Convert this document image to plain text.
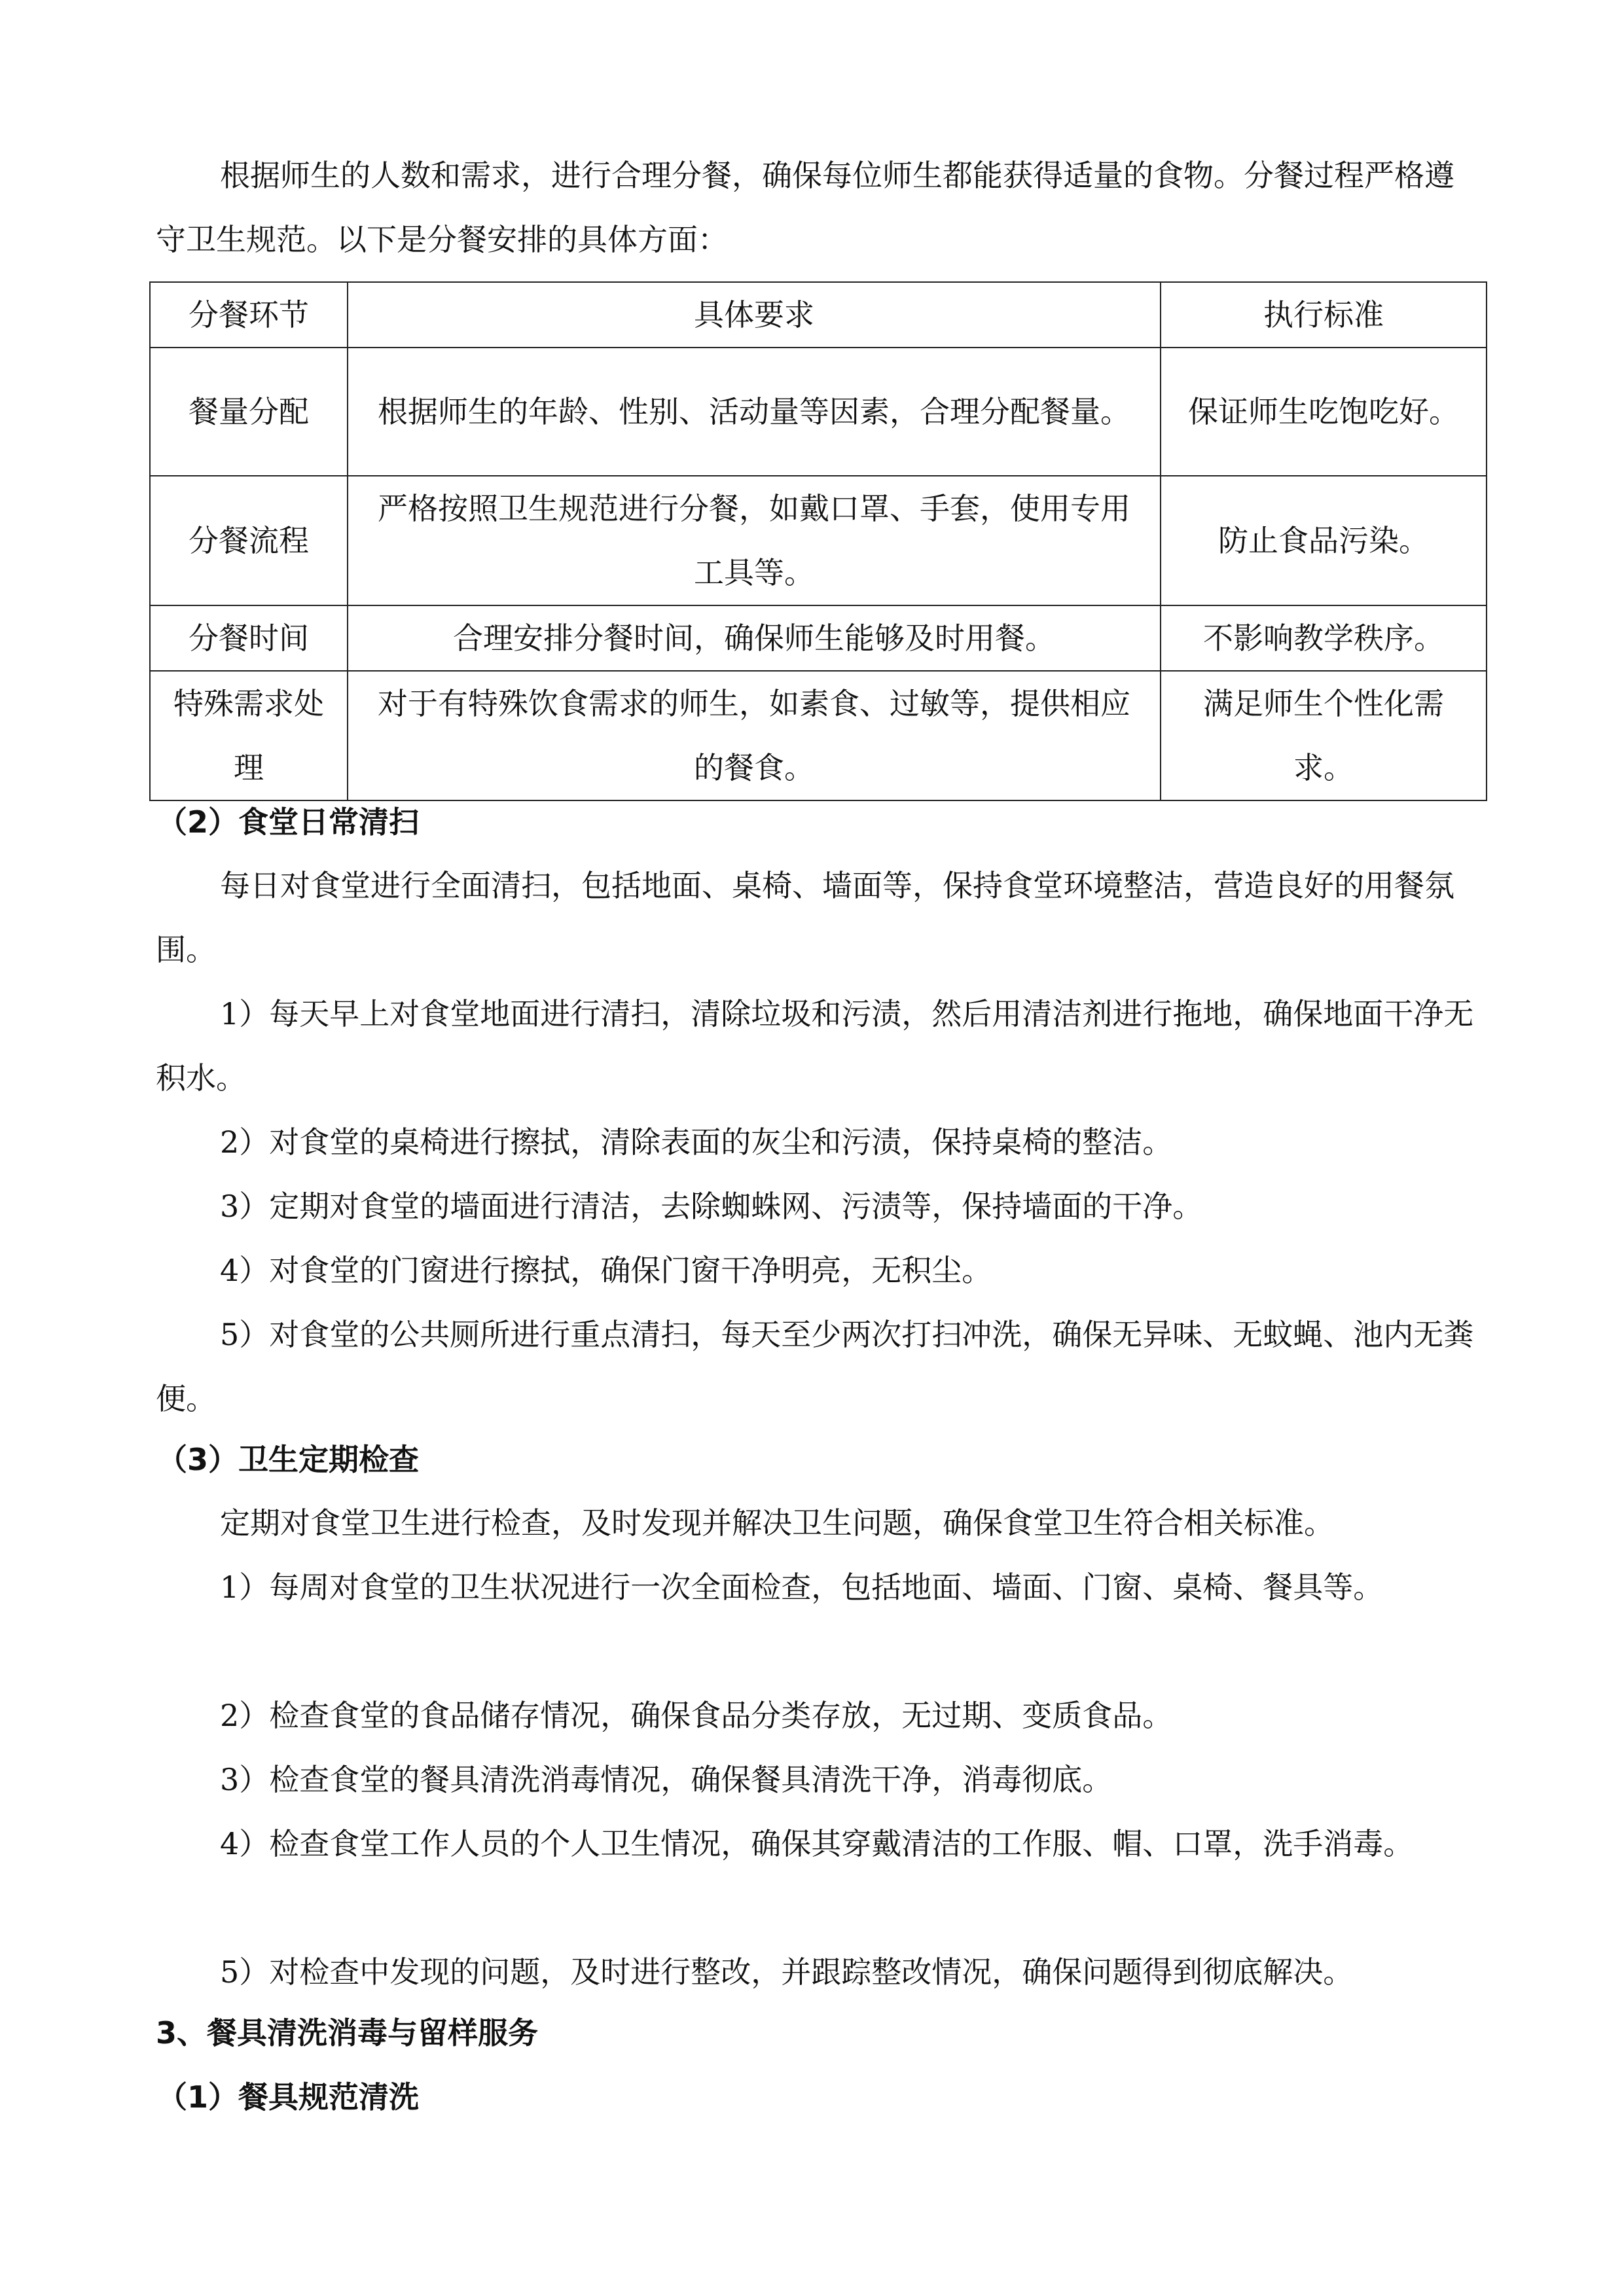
根据师生的人数和需求，进行合理分餐，确保每位师生都能获得适量的食物。分餐过程严格遵守卫生规范。以下是分餐安排的具体方面：

分餐环节	具体要求	执行标准
餐量分配	根据师生的年龄、性别、活动量等因素，合理分配餐量。	保证师生吃饱吃好。
分餐流程	严格按照卫生规范进行分餐，如戴口罩、手套，使用专用工具等。	防止食品污染。
分餐时间	合理安排分餐时间，确保师生能够及时用餐。	不影响教学秩序。
特殊需求处理	对于有特殊饮食需求的师生，如素食、过敏等，提供相应的餐食。	满足师生个性化需求。
（2）食堂日常清扫

每日对食堂进行全面清扫，包括地面、桌椅、墙面等，保持食堂环境整洁，营造良好的用餐氛围。

1）每天早上对食堂地面进行清扫，清除垃圾和污渍，然后用清洁剂进行拖地，确保地面干净无积水。

2）对食堂的桌椅进行擦拭，清除表面的灰尘和污渍，保持桌椅的整洁。

3）定期对食堂的墙面进行清洁，去除蜘蛛网、污渍等，保持墙面的干净。

4）对食堂的门窗进行擦拭，确保门窗干净明亮，无积尘。

5）对食堂的公共厕所进行重点清扫，每天至少两次打扫冲洗，确保无异味、无蚊蝇、池内无粪便。

（3）卫生定期检查

定期对食堂卫生进行检查，及时发现并解决卫生问题，确保食堂卫生符合相关标准。

1）每周对食堂的卫生状况进行一次全面检查，包括地面、墙面、门窗、桌椅、餐具等。

2）检查食堂的食品储存情况，确保食品分类存放，无过期、变质食品。

3）检查食堂的餐具清洗消毒情况，确保餐具清洗干净，消毒彻底。

4）检查食堂工作人员的个人卫生情况，确保其穿戴清洁的工作服、帽、口罩，洗手消毒。

5）对检查中发现的问题，及时进行整改，并跟踪整改情况，确保问题得到彻底解决。

3、餐具清洗消毒与留样服务
（1）餐具规范清洗
